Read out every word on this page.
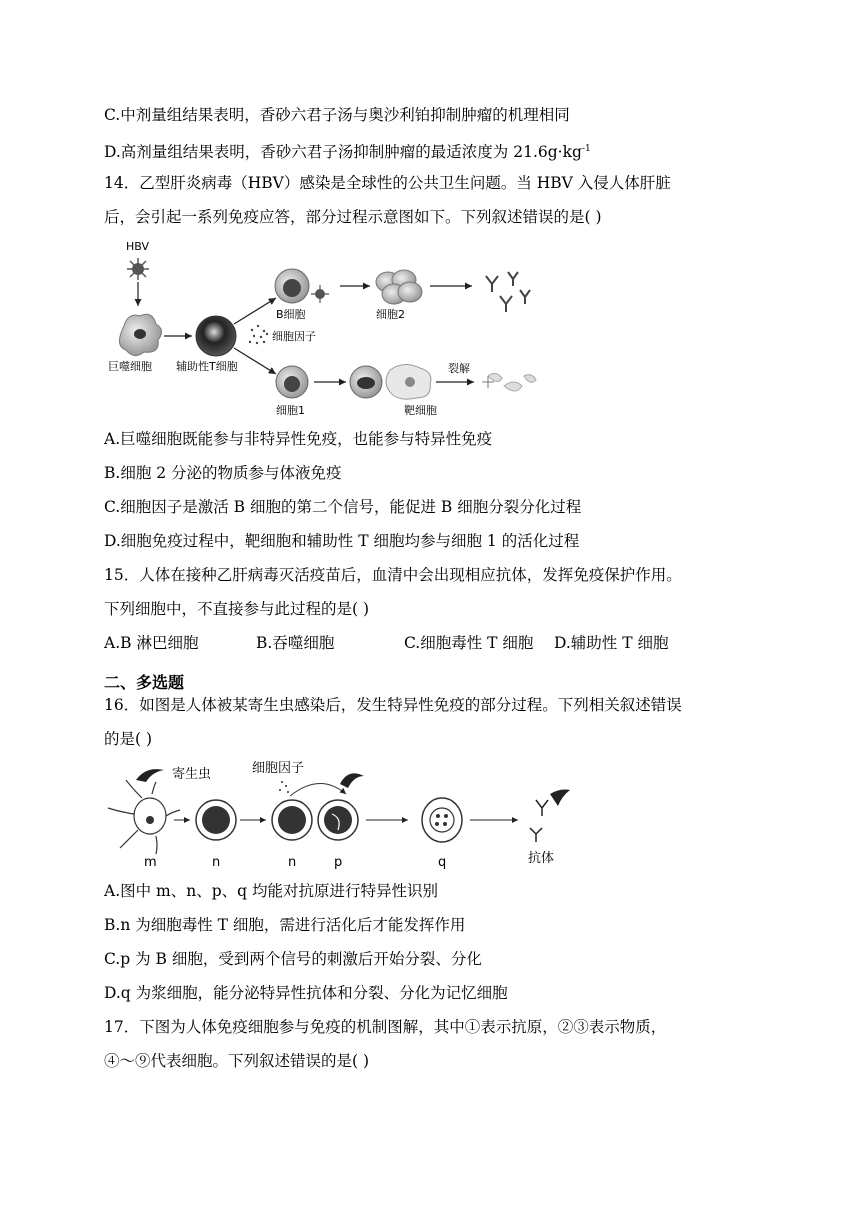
C.中剂量组结果表明，香砂六君子汤与奥沙利铂抑制肿瘤的机理相同
D.高剂量组结果表明，香砂六君子汤抑制肿瘤的最适浓度为 $21.6g\cdot kg^{-1}$
14．乙型肝炎病毒（HBV）感染是全球性的公共卫生问题。当 HBV 入侵人体肝脏
后，会引起一系列免疫应答，部分过程示意图如下。下列叙述错误的是( )
HBV
巨噬细胞 辅助性T细胞
细胞因子
B细胞	细胞2
细胞1	靶细胞
裂解
A.巨噬细胞既能参与非特异性免疫，也能参与特异性免疫
B.细胞 2 分泌的物质参与体液免疫
C.细胞因子是激活 B 细胞的第二个信号，能促进 B 细胞分裂分化过程
D.细胞免疫过程中，靶细胞和辅助性 T 细胞均参与细胞 1 的活化过程
15．人体在接种乙肝病毒灭活疫苗后，血清中会出现相应抗体，发挥免疫保护作用。
下列细胞中，不直接参与此过程的是( )
A.B 淋巴细胞	B.吞噬细胞	C.细胞毒性 T 细胞 D.辅助性 T 细胞
二、多选题
16．如图是人体被某寄生虫感染后，发生特异性免疫的部分过程。下列相关叙述错误
的是( )
寄生虫
m	n
细胞因子
n	p	q	抗体
A.图中 m、n、p、q 均能对抗原进行特异性识别
B.n 为细胞毒性 T 细胞，需进行活化后才能发挥作用
C.p 为 B 细胞，受到两个信号的刺激后开始分裂、分化
D.q 为浆细胞，能分泌特异性抗体和分裂、分化为记忆细胞
17．下图为人体免疫细胞参与免疫的机制图解，其中①表示抗原，②③表示物质，
④～⑨代表细胞。下列叙述错误的是( )
